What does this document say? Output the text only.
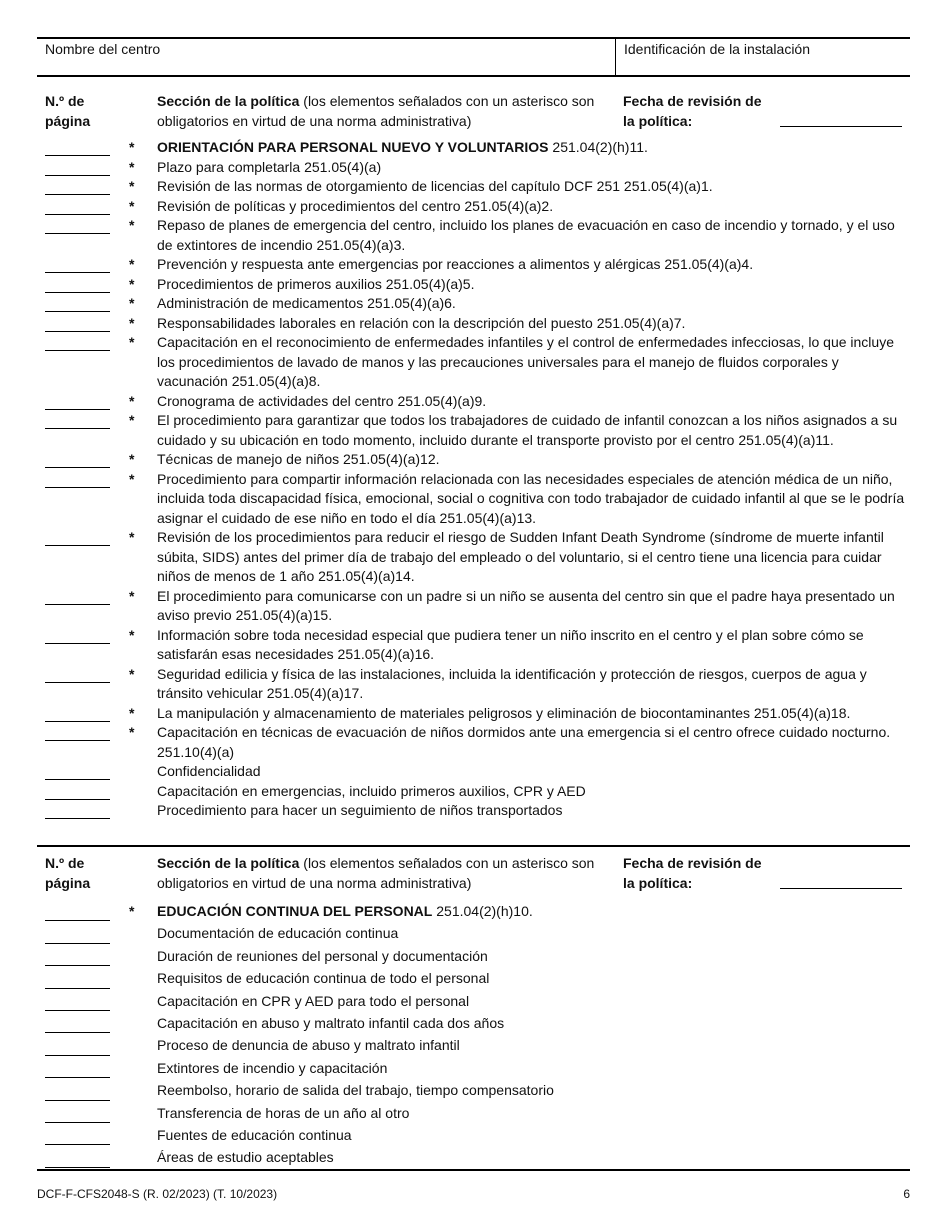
Nombre del centro	Identificación de la instalación
N.º de página
Sección de la política (los elementos señalados con un asterisco son obligatorios en virtud de una norma administrativa)
Fecha de revisión de la política:
*	ORIENTACIÓN PARA PERSONAL NUEVO Y VOLUNTARIOS 251.04(2)(h)11.
*	Plazo para completarla 251.05(4)(a)
*	Revisión de las normas de otorgamiento de licencias del capítulo DCF 251 251.05(4)(a)1.
*	Revisión de políticas y procedimientos del centro 251.05(4)(a)2.
*	Repaso de planes de emergencia del centro, incluido los planes de evacuación en caso de incendio y tornado, y el uso de extintores de incendio 251.05(4)(a)3.
*	Prevención y respuesta ante emergencias por reacciones a alimentos y alérgicas 251.05(4)(a)4.
*	Procedimientos de primeros auxilios 251.05(4)(a)5.
*	Administración de medicamentos 251.05(4)(a)6.
*	Responsabilidades laborales en relación con la descripción del puesto 251.05(4)(a)7.
*	Capacitación en el reconocimiento de enfermedades infantiles y el control de enfermedades infecciosas, lo que incluye los procedimientos de lavado de manos y las precauciones universales para el manejo de fluidos corporales y vacunación 251.05(4)(a)8.
*	Cronograma de actividades del centro 251.05(4)(a)9.
*	El procedimiento para garantizar que todos los trabajadores de cuidado de infantil conozcan a los niños asignados a su cuidado y su ubicación en todo momento, incluido durante el transporte provisto por el centro 251.05(4)(a)11.
*	Técnicas de manejo de niños 251.05(4)(a)12.
*	Procedimiento para compartir información relacionada con las necesidades especiales de atención médica de un niño, incluida toda discapacidad física, emocional, social o cognitiva con todo trabajador de cuidado infantil al que se le podría asignar el cuidado de ese niño en todo el día 251.05(4)(a)13.
*	Revisión de los procedimientos para reducir el riesgo de Sudden Infant Death Syndrome (síndrome de muerte infantil súbita, SIDS) antes del primer día de trabajo del empleado o del voluntario, si el centro tiene una licencia para cuidar niños de menos de 1 año 251.05(4)(a)14.
*	El procedimiento para comunicarse con un padre si un niño se ausenta del centro sin que el padre haya presentado un aviso previo 251.05(4)(a)15.
*	Información sobre toda necesidad especial que pudiera tener un niño inscrito en el centro y el plan sobre cómo se satisfarán esas necesidades 251.05(4)(a)16.
*	Seguridad edilicia y física de las instalaciones, incluida la identificación y protección de riesgos, cuerpos de agua y tránsito vehicular 251.05(4)(a)17.
*	La manipulación y almacenamiento de materiales peligrosos y eliminación de biocontaminantes 251.05(4)(a)18.
*	Capacitación en técnicas de evacuación de niños dormidos ante una emergencia si el centro ofrece cuidado nocturno. 251.10(4)(a)
Confidencialidad
Capacitación en emergencias, incluido primeros auxilios, CPR y AED
Procedimiento para hacer un seguimiento de niños transportados
N.º de página
Sección de la política (los elementos señalados con un asterisco son obligatorios en virtud de una norma administrativa)
Fecha de revisión de la política:
*	EDUCACIÓN CONTINUA DEL PERSONAL 251.04(2)(h)10.
Documentación de educación continua
Duración de reuniones del personal y documentación
Requisitos de educación continua de todo el personal
Capacitación en CPR y AED para todo el personal
Capacitación en abuso y maltrato infantil cada dos años
Proceso de denuncia de abuso y maltrato infantil
Extintores de incendio y capacitación
Reembolso, horario de salida del trabajo, tiempo compensatorio
Transferencia de horas de un año al otro
Fuentes de educación continua
Áreas de estudio aceptables
DCF-F-CFS2048-S (R. 02/2023) (T. 10/2023)	6
